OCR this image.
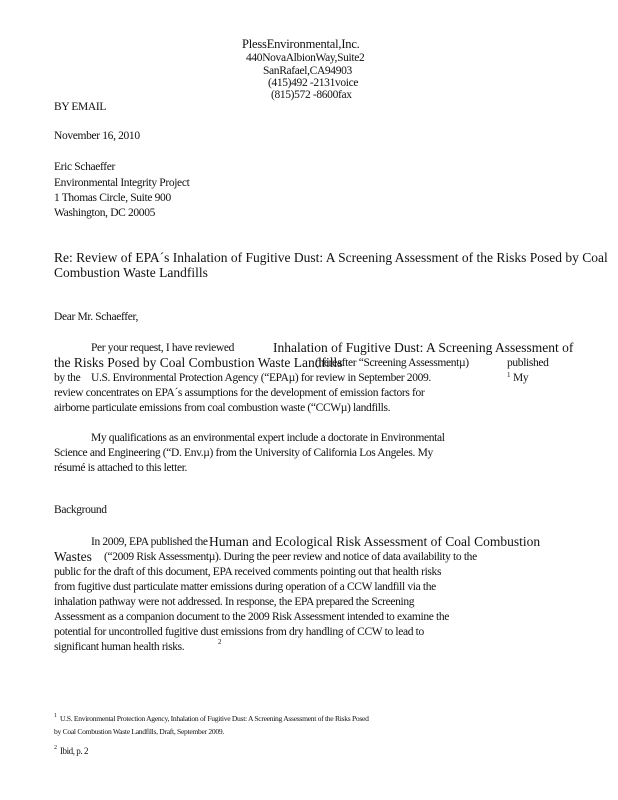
PlessEnvironmental,Inc.
440NovaAlbionWay,Suite2
SanRafael,CA94903
(415)492 -2131voice
(815)572 -8600fax
BY EMAIL
November 16, 2010
Eric Schaeffer
Environmental Integrity Project
1 Thomas Circle, Suite 900
Washington, DC 20005
Re: Review of EPA´s Inhalation of Fugitive Dust: A Screening Assessment of the Risks Posed by Coal
Combustion Waste Landfills
Dear Mr. Schaeffer,
Per your request, I have reviewed	Inhalation of Fugitive Dust: A Screening Assessment of
the Risks Posed by Coal Combustion Waste Landfills
(hereafter “Screening Assessmentµ)	published
by the U.S. Environmental Protection Agency (“EPAµ) for review in September 2009.	1 My
review concentrates on EPA´s assumptions for the development of emission factors for
airborne particulate emissions from coal combustion waste (“CCWµ) landfills.
My qualifications as an environmental expert include a doctorate in Environmental
Science and Engineering (“D. Env.µ) from the University of California Los Angeles. My
résumé is attached to this letter.
Background
In 2009, EPA published the Human and Ecological Risk Assessment of Coal Combustion
Wastes (“2009 Risk Assessmentµ). During the peer review and notice of data availability to the
public for the draft of this document, EPA received comments pointing out that health risks
from fugitive dust particulate matter emissions during operation of a CCW landfill via the
inhalation pathway were not addressed. In response, the EPA prepared the Screening
Assessment as a companion document to the 2009 Risk Assessment intended to examine the
potential for uncontrolled fugitive dust emissions from dry handling of CCW to lead to
significant human health risks.	2
1 U.S. Environmental Protection Agency, Inhalation of Fugitive Dust: A Screening Assessment of the Risks Posed
by Coal Combustion Waste Landfills, Draft, September 2009.
2 Ibid, p. 2
